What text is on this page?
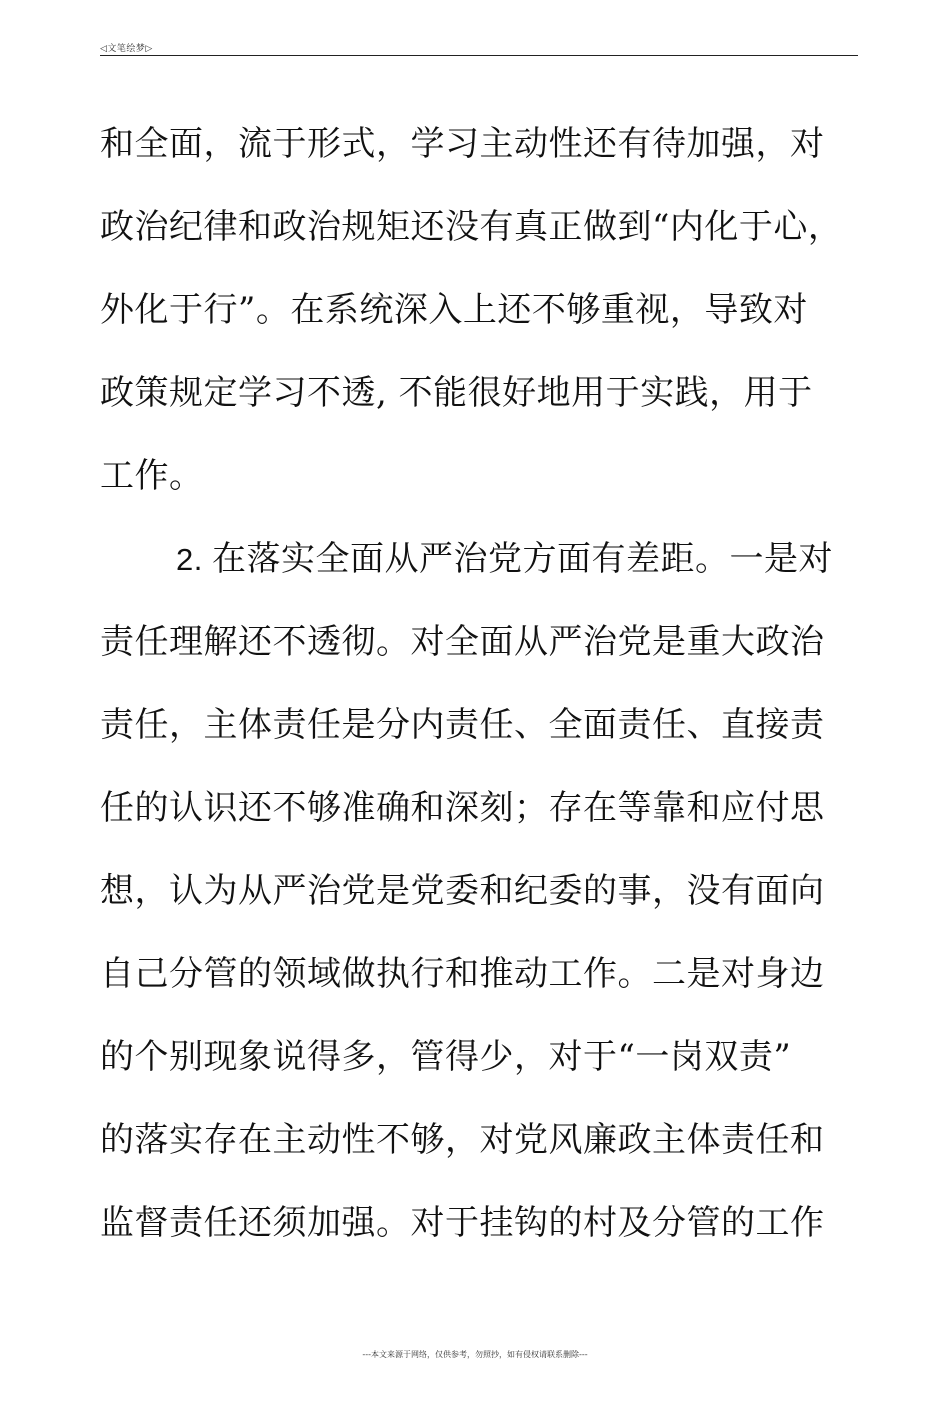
◁文笔绘梦▷
和全面，流于形式，学习主动性还有待加强，对
政治纪律和政治规矩还没有真正做到“内化于心，
外化于行”。在系统深入上还不够重视，导致对
政策规定学习不透, 不能很好地用于实践，用于
工作。
2. 在落实全面从严治党方面有差距。一是对
责任理解还不透彻。对全面从严治党是重大政治
责任，主体责任是分内责任、全面责任、直接责
任的认识还不够准确和深刻；存在等靠和应付思
想，认为从严治党是党委和纪委的事，没有面向
自己分管的领域做执行和推动工作。二是对身边
的个别现象说得多，管得少，对于“一岗双责”
的落实存在主动性不够，对党风廉政主体责任和
监督责任还须加强。对于挂钩的村及分管的工作
---本文来源于网络，仅供参考，勿照抄，如有侵权请联系删除---
